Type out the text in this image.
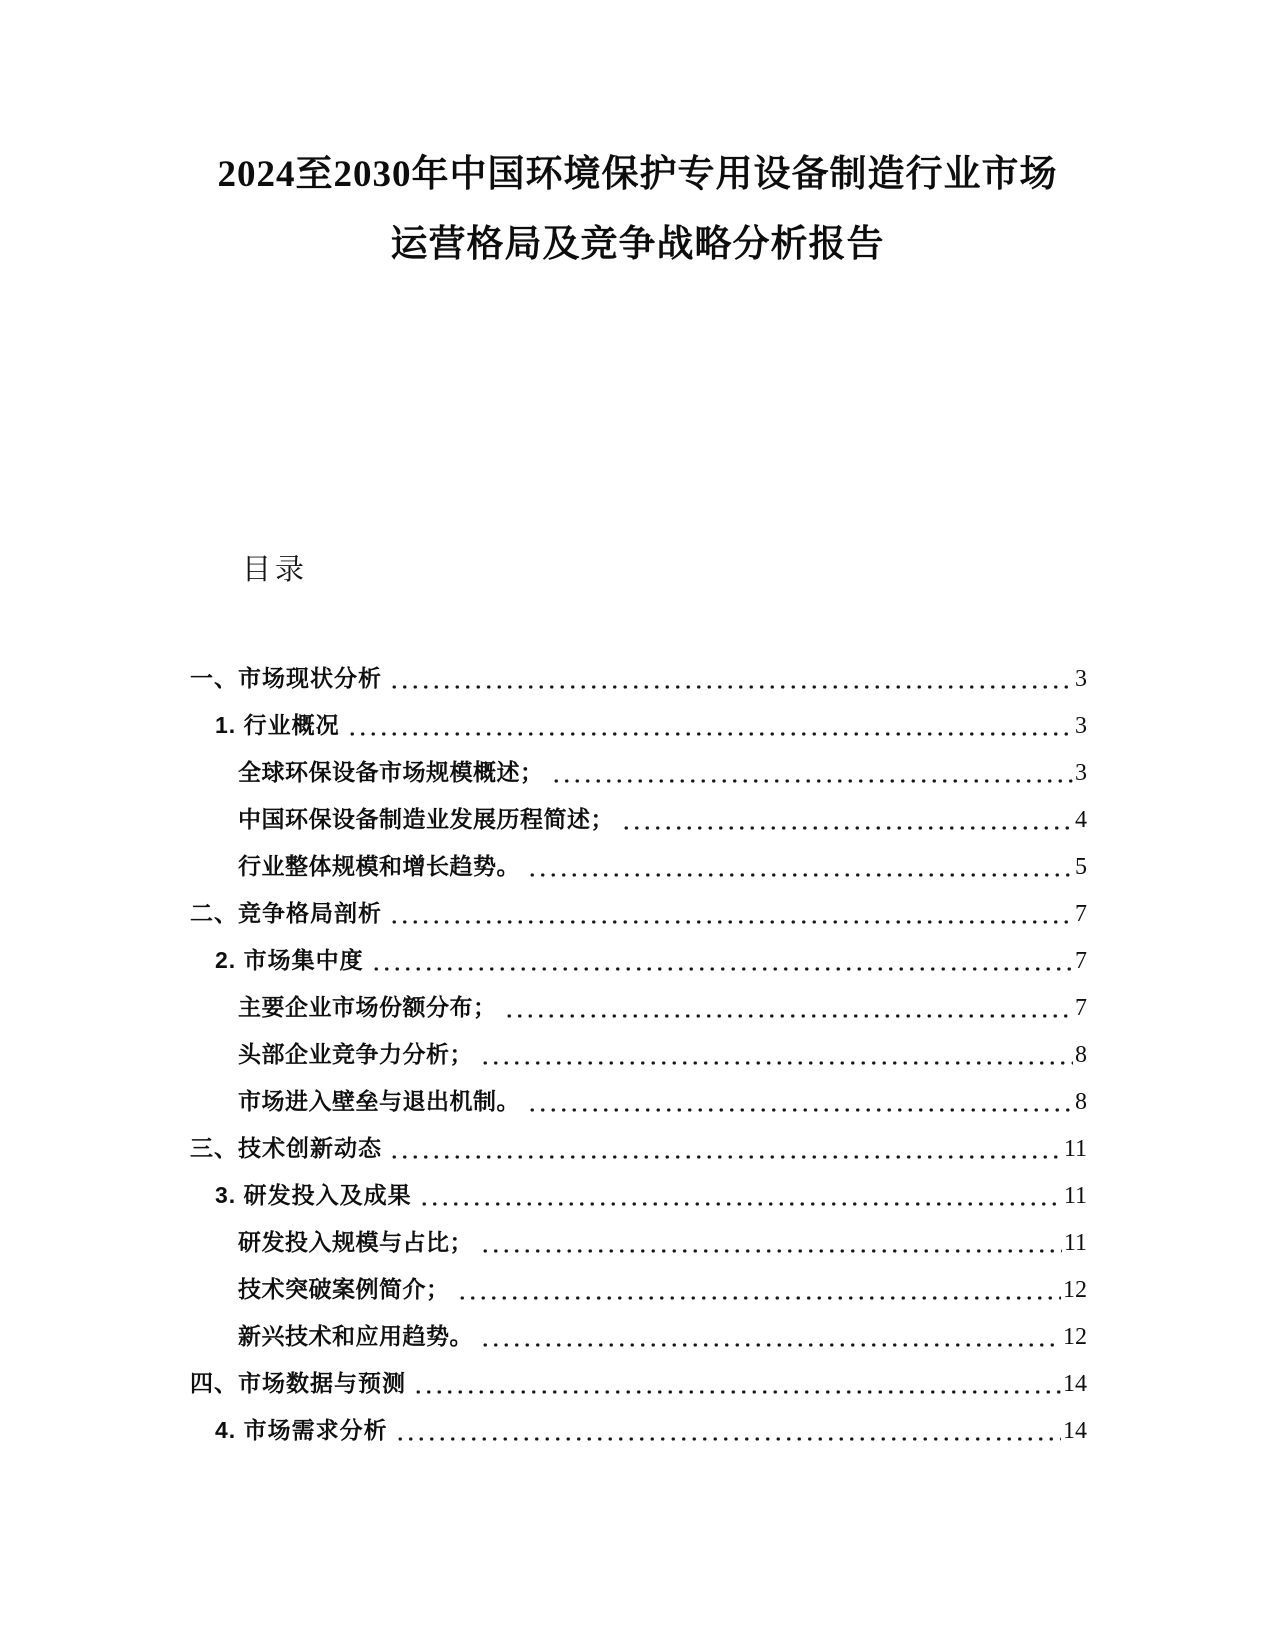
2024至2030年中国环境保护专用设备制造行业市场
运营格局及竞争战略分析报告
目录
一、市场现状分析	3
1. 行业概况	3
全球环保设备市场规模概述；	3
中国环保设备制造业发展历程简述；	4
行业整体规模和增长趋势。	5
二、竞争格局剖析	7
2. 市场集中度	7
主要企业市场份额分布；	7
头部企业竞争力分析；	8
市场进入壁垒与退出机制。	8
三、技术创新动态	11
3. 研发投入及成果	11
研发投入规模与占比；	11
技术突破案例简介；	12
新兴技术和应用趋势。	12
四、市场数据与预测	14
4. 市场需求分析	14
